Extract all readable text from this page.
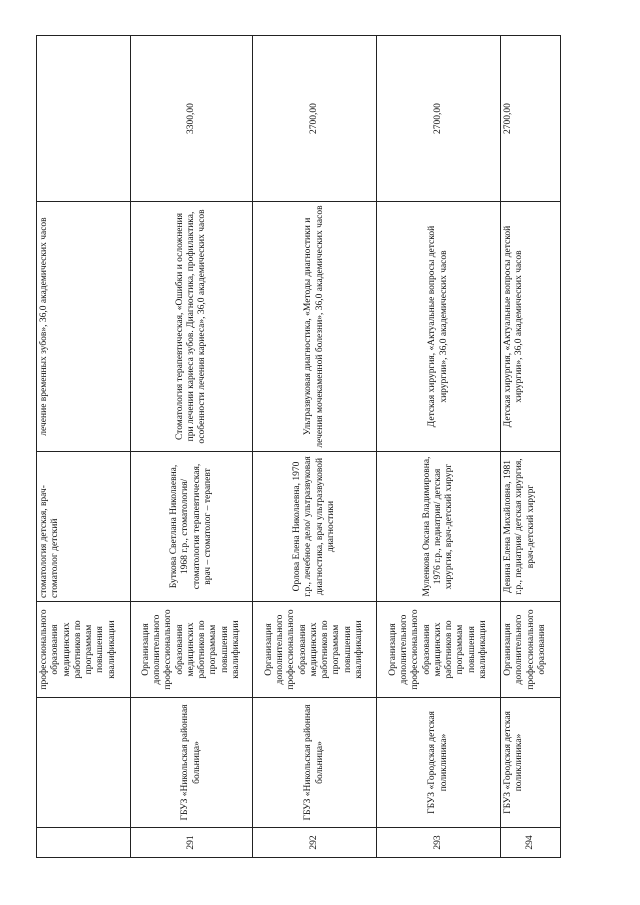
		профессионального образования медицинских работников по программам повышения квалификации	стоматология детская, врач-стоматолог детский	лечение временных зубов», 36,0 академических часов	
291	ГБУЗ «Никольская районная больница»	Организация дополнительного профессионального образования медицинских работников по программам повышения квалификации	Буткова Светлана Николаевна, 1968 г.р., стоматология/ стоматология терапевтическая, врач – стоматолог – терапевт	Стоматология терапевтическая, «Ошибки и осложнения при лечении кариеса зубов. Диагностика, профилактика, особенности лечения кариеса», 36,0 академических часов	3300,00
292	ГБУЗ «Никольская районная больница»	Организация дополнительного профессионального образования медицинских работников по программам повышения квалификации	Орлова Елена Николаевна, 1970 г.р., лечебное дело/ ультразвуковая диагностика, врач ультразвуковой диагностики	Ультразвуковая диагностика, «Методы диагностики и лечения мочекаменной болезни», 36,0 академических часов	2700,00
293	ГБУЗ «Городская детская поликлиника»	Организация дополнительного профессионального образования медицинских работников по программам повышения квалификации	Муленкова Оксана Владимировна, 1976 г.р., педиатрия/ детская хирургия, врач-детский хирург	Детская хирургия, «Актуальные вопросы детской хирургии», 36,0 академических часов	2700,00
294	ГБУЗ «Городская детская поликлиника»	Организация дополнительного профессионального образования	Девина Елена Михайловна, 1981 г.р., педиатрия/ детская хирургия, врач-детский хирург	Детская хирургия, «Актуальные вопросы детской хирургии», 36,0 академических часов	2700,00
